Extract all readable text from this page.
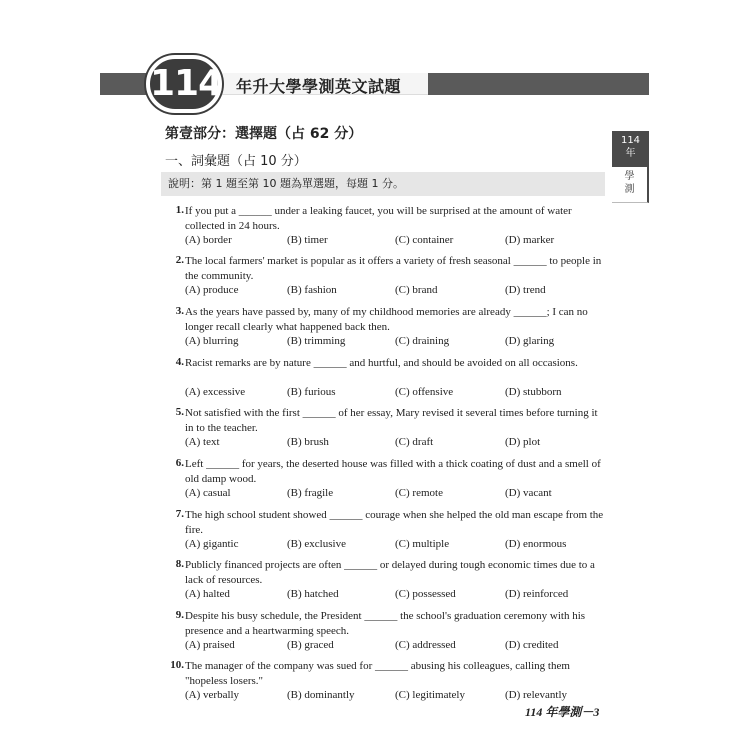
114 年升大學學測英文試題
第壹部分：選擇題（占 62 分）
一、詞彙題（占 10 分）
114
年
學
測
說明：第 1 題至第 10 題為單選題，每題 1 分。
1. If you put a ______ under a leaking faucet, you will be surprised at the amount of water collected in 24 hours.
(A) border	(B) timer	(C) container	(D) marker
2. The local farmers' market is popular as it offers a variety of fresh seasonal ______ to people in the community.
(A) produce	(B) fashion	(C) brand	(D) trend
3. As the years have passed by, many of my childhood memories are already ______; I can no longer recall clearly what happened back then.
(A) blurring	(B) trimming	(C) draining	(D) glaring
4. Racist remarks are by nature ______ and hurtful, and should be avoided on all occasions.
(A) excessive	(B) furious	(C) offensive	(D) stubborn
5. Not satisfied with the first ______ of her essay, Mary revised it several times before turning it in to the teacher.
(A) text	(B) brush	(C) draft	(D) plot
6. Left ______ for years, the deserted house was filled with a thick coating of dust and a smell of old damp wood.
(A) casual	(B) fragile	(C) remote	(D) vacant
7. The high school student showed ______ courage when she helped the old man escape from the fire.
(A) gigantic	(B) exclusive	(C) multiple	(D) enormous
8. Publicly financed projects are often ______ or delayed during tough economic times due to a lack of resources.
(A) halted	(B) hatched	(C) possessed	(D) reinforced
9. Despite his busy schedule, the President ______ the school's graduation ceremony with his presence and a heartwarming speech.
(A) praised	(B) graced	(C) addressed	(D) credited
10. The manager of the company was sued for ______ abusing his colleagues, calling them "hopeless losers."
(A) verbally	(B) dominantly	(C) legitimately	(D) relevantly
114 年學測－3
